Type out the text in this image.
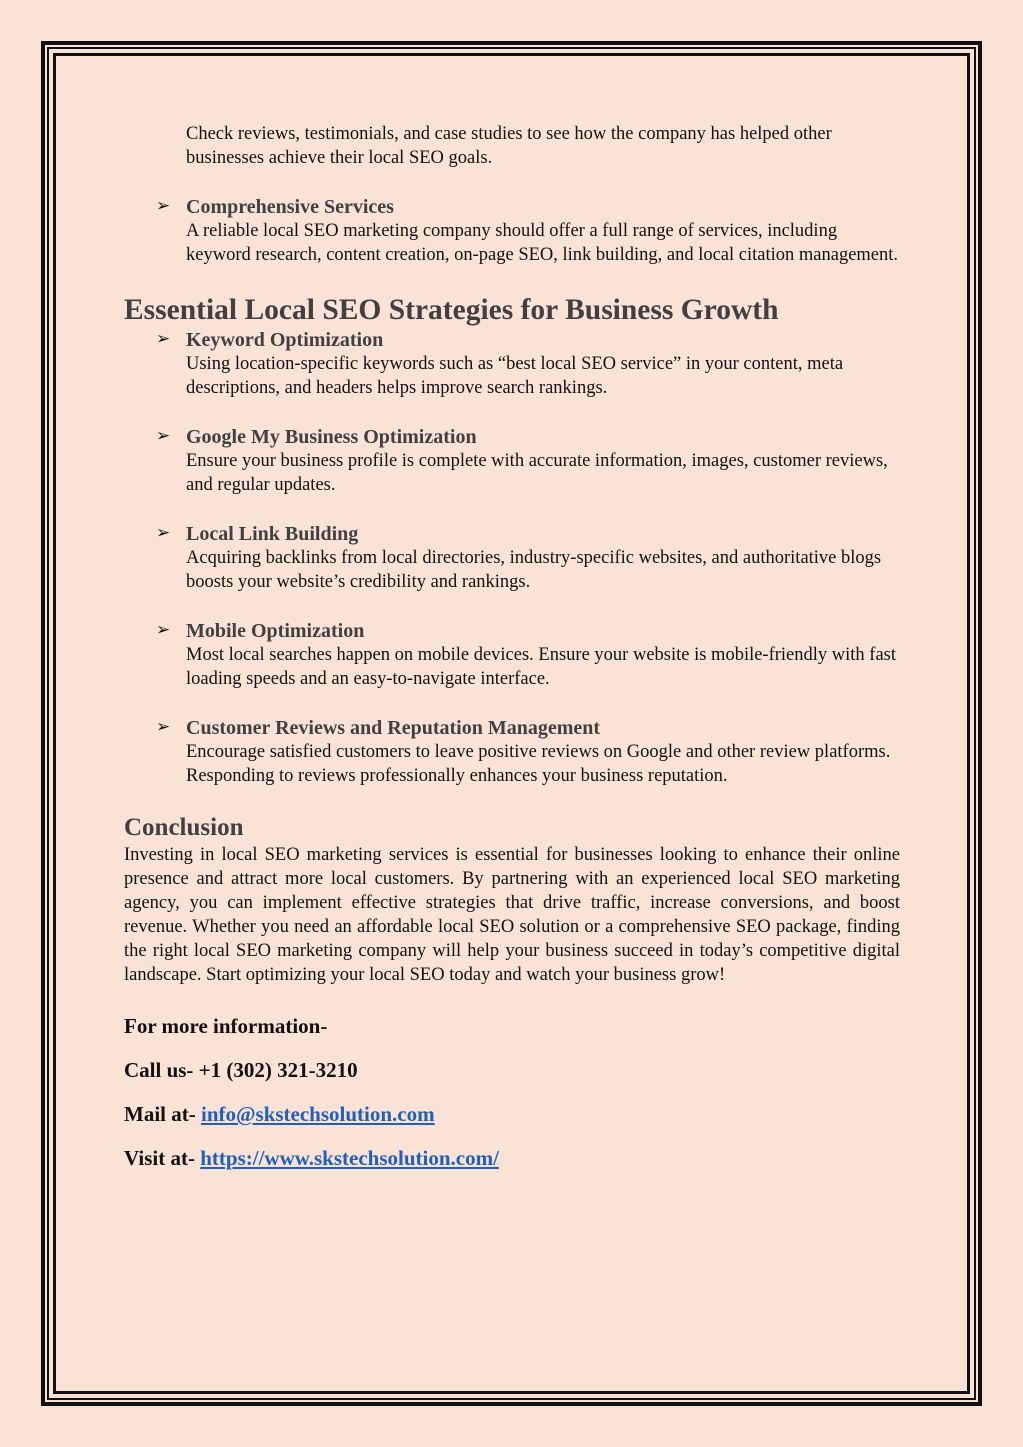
Check reviews, testimonials, and case studies to see how the company has helped other businesses achieve their local SEO goals.

➢ Comprehensive Services
A reliable local SEO marketing company should offer a full range of services, including keyword research, content creation, on-page SEO, link building, and local citation management.
Essential Local SEO Strategies for Business Growth
➢ Keyword Optimization
Using location-specific keywords such as “best local SEO service” in your content, meta descriptions, and headers helps improve search rankings.
➢ Google My Business Optimization
Ensure your business profile is complete with accurate information, images, customer reviews, and regular updates.
➢ Local Link Building
Acquiring backlinks from local directories, industry-specific websites, and authoritative blogs boosts your website’s credibility and rankings.
➢ Mobile Optimization
Most local searches happen on mobile devices. Ensure your website is mobile-friendly with fast loading speeds and an easy-to-navigate interface.
➢ Customer Reviews and Reputation Management
Encourage satisfied customers to leave positive reviews on Google and other review platforms. Responding to reviews professionally enhances your business reputation.
Conclusion

Investing in local SEO marketing services is essential for businesses looking to enhance their online presence and attract more local customers. By partnering with an experienced local SEO marketing agency, you can implement effective strategies that drive traffic, increase conversions, and boost revenue. Whether you need an affordable local SEO solution or a comprehensive SEO package, finding the right local SEO marketing company will help your business succeed in today’s competitive digital landscape. Start optimizing your local SEO today and watch your business grow!

For more information-
Call us- +1 (302) 321-3210
Mail at- info@skstechsolution.com
Visit at- https://www.skstechsolution.com/
